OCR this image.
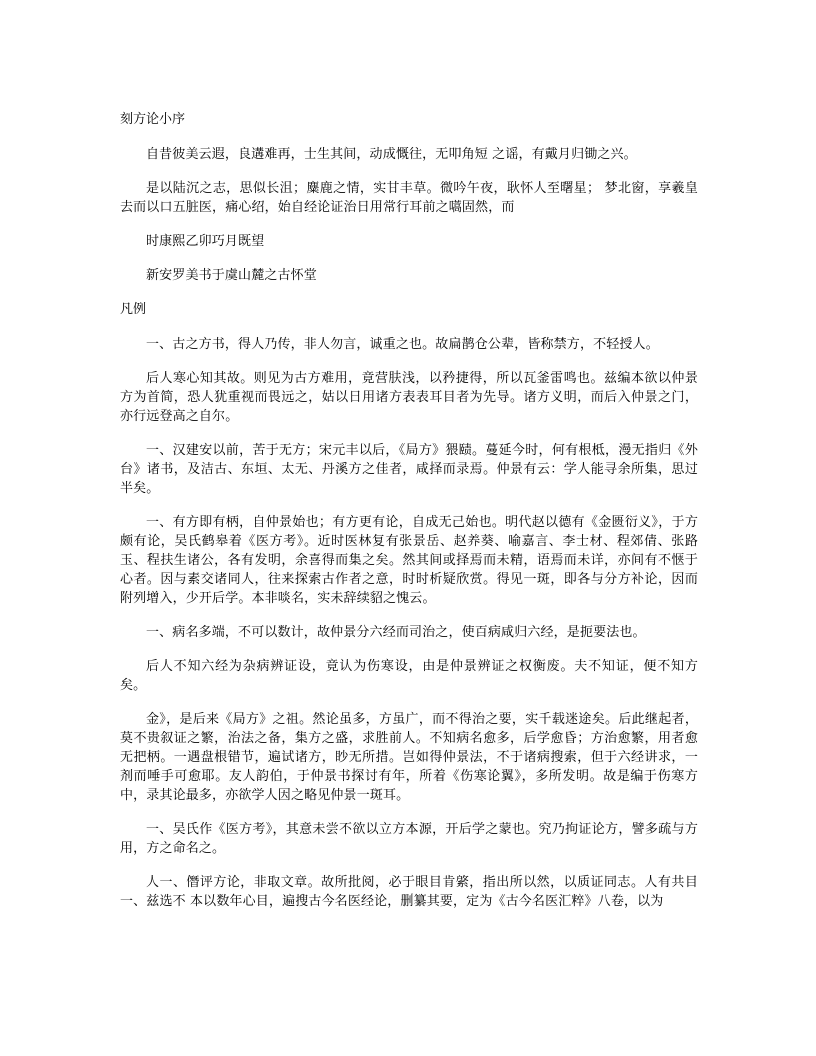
刻方论小序

自昔彼美云遐，良遘难再，士生其间，动成慨往，无叩角短 之谣，有戴月归锄之兴。

是以陆沉之志，思似长沮；麋鹿之情，实甘丰草。微吟午夜，耿怀人至曙星； 梦北窗，享羲皇去而以口五脏医，痛心绍，始自经论证治日用常行耳前之嚆固然，而

时康熙乙卯巧月既望

新安罗美书于虞山麓之古怀堂

凡例

一、古之方书，得人乃传，非人勿言，诚重之也。故扁鹊仓公辈，皆称禁方，不轻授人。

后人寒心知其故。则见为古方难用，竟营肤浅，以矜捷得，所以瓦釜雷鸣也。兹编本欲以仲景方为首简，恐人犹重视而畏远之，姑以日用诸方表表耳目者为先导。诸方义明，而后入仲景之门，亦行远登高之自尔。

一、汉建安以前，苦于无方；宋元丰以后，《局方》猥赜。蔓延今时，何有根柢，漫无指归《外台》诸书，及洁古、东垣、太无、丹溪方之佳者，咸择而录焉。仲景有云：学人能寻余所集，思过半矣。

一、有方即有柄，自仲景始也；有方更有论，自成无己始也。明代赵以德有《金匮衍义》，于方颇有论，吴氏鹤皋着《医方考》。近时医林复有张景岳、赵养葵、喻嘉言、李士材、程郊倩、张路玉、程扶生诸公，各有发明，余喜得而集之矣。然其间或择焉而未精，语焉而未详，亦间有不惬于心者。因与素交诸同人，往来探索古作者之意，时时析疑欣赏。得见一斑，即各与分方补论，因而附列增入，少开后学。本非啖名，实未辞续貂之愧云。

一、病名多端，不可以数计，故仲景分六经而司治之，使百病咸归六经，是扼要法也。

后人不知六经为杂病辨证设，竟认为伤寒设，由是仲景辨证之权衡废。夫不知证，便不知方矣。

金》，是后来《局方》之祖。然论虽多，方虽广，而不得治之要，实千载迷途矣。后此继起者，莫不贵叙证之繁，治法之备，集方之盛，求胜前人。不知病名愈多，后学愈昏；方治愈繁，用者愈无把柄。一遇盘根错节，遍试诸方，眇无所措。岂如得仲景法，不于诸病搜索，但于六经讲求，一剂而唾手可愈耶。友人韵伯，于仲景书探讨有年，所着《伤寒论翼》，多所发明。故是编于伤寒方中，录其论最多，亦欲学人因之略见仲景一斑耳。

一、吴氏作《医方考》，其意未尝不欲以立方本源，开后学之蒙也。究乃拘证论方，譬多疏与方用，方之命名之。

人一、僭评方论，非取文章。故所批阅，必于眼目肯綮，指出所以然，以质证同志。人有共目一、兹选不 本以数年心目，遍搜古今名医经论，删纂其要，定为《古今名医汇粹》八卷，以为
